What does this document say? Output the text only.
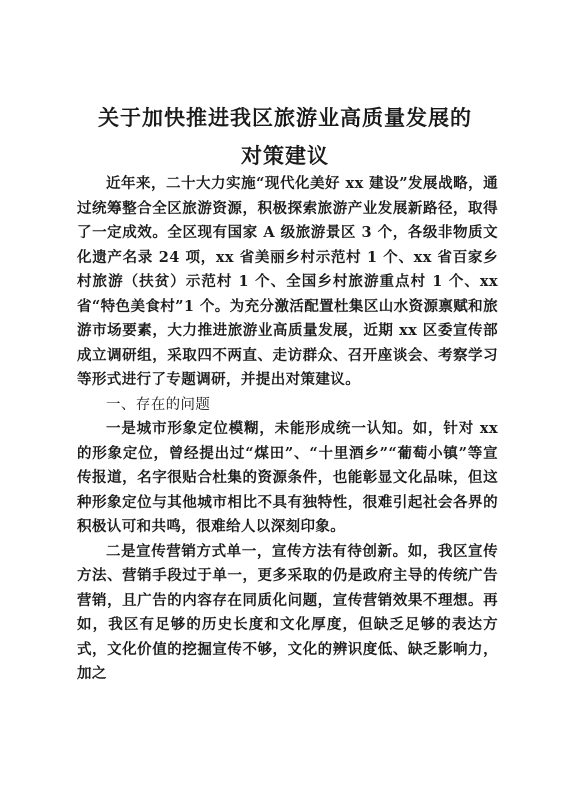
关于加快推进我区旅游业高质量发展的
对策建议

近年来，二十大力实施“现代化美好 xx 建设”发展战略，通过统筹整合全区旅游资源，积极探索旅游产业发展新路径，取得了一定成效。全区现有国家 A 级旅游景区 3 个，各级非物质文化遗产名录 24 项，xx 省美丽乡村示范村 1 个、xx 省百家乡村旅游（扶贫）示范村 1 个、全国乡村旅游重点村 1 个、xx 省“特色美食村”1 个。为充分激活配置杜集区山水资源禀赋和旅游市场要素，大力推进旅游业高质量发展，近期 xx 区委宣传部成立调研组，采取四不两直、走访群众、召开座谈会、考察学习等形式进行了专题调研，并提出对策建议。

一、存在的问题

一是城市形象定位模糊，未能形成统一认知。如，针对 xx 的形象定位，曾经提出过“煤田”、“十里酒乡”“葡萄小镇”等宣传报道，名字很贴合杜集的资源条件，也能彰显文化品味，但这种形象定位与其他城市相比不具有独特性，很难引起社会各界的积极认可和共鸣，很难给人以深刻印象。

二是宣传营销方式单一，宣传方法有待创新。如，我区宣传方法、营销手段过于单一，更多采取的仍是政府主导的传统广告营销，且广告的内容存在同质化问题，宣传营销效果不理想。再如，我区有足够的历史长度和文化厚度，但缺乏足够的表达方式，文化价值的挖掘宣传不够，文化的辨识度低、缺乏影响力，加之
